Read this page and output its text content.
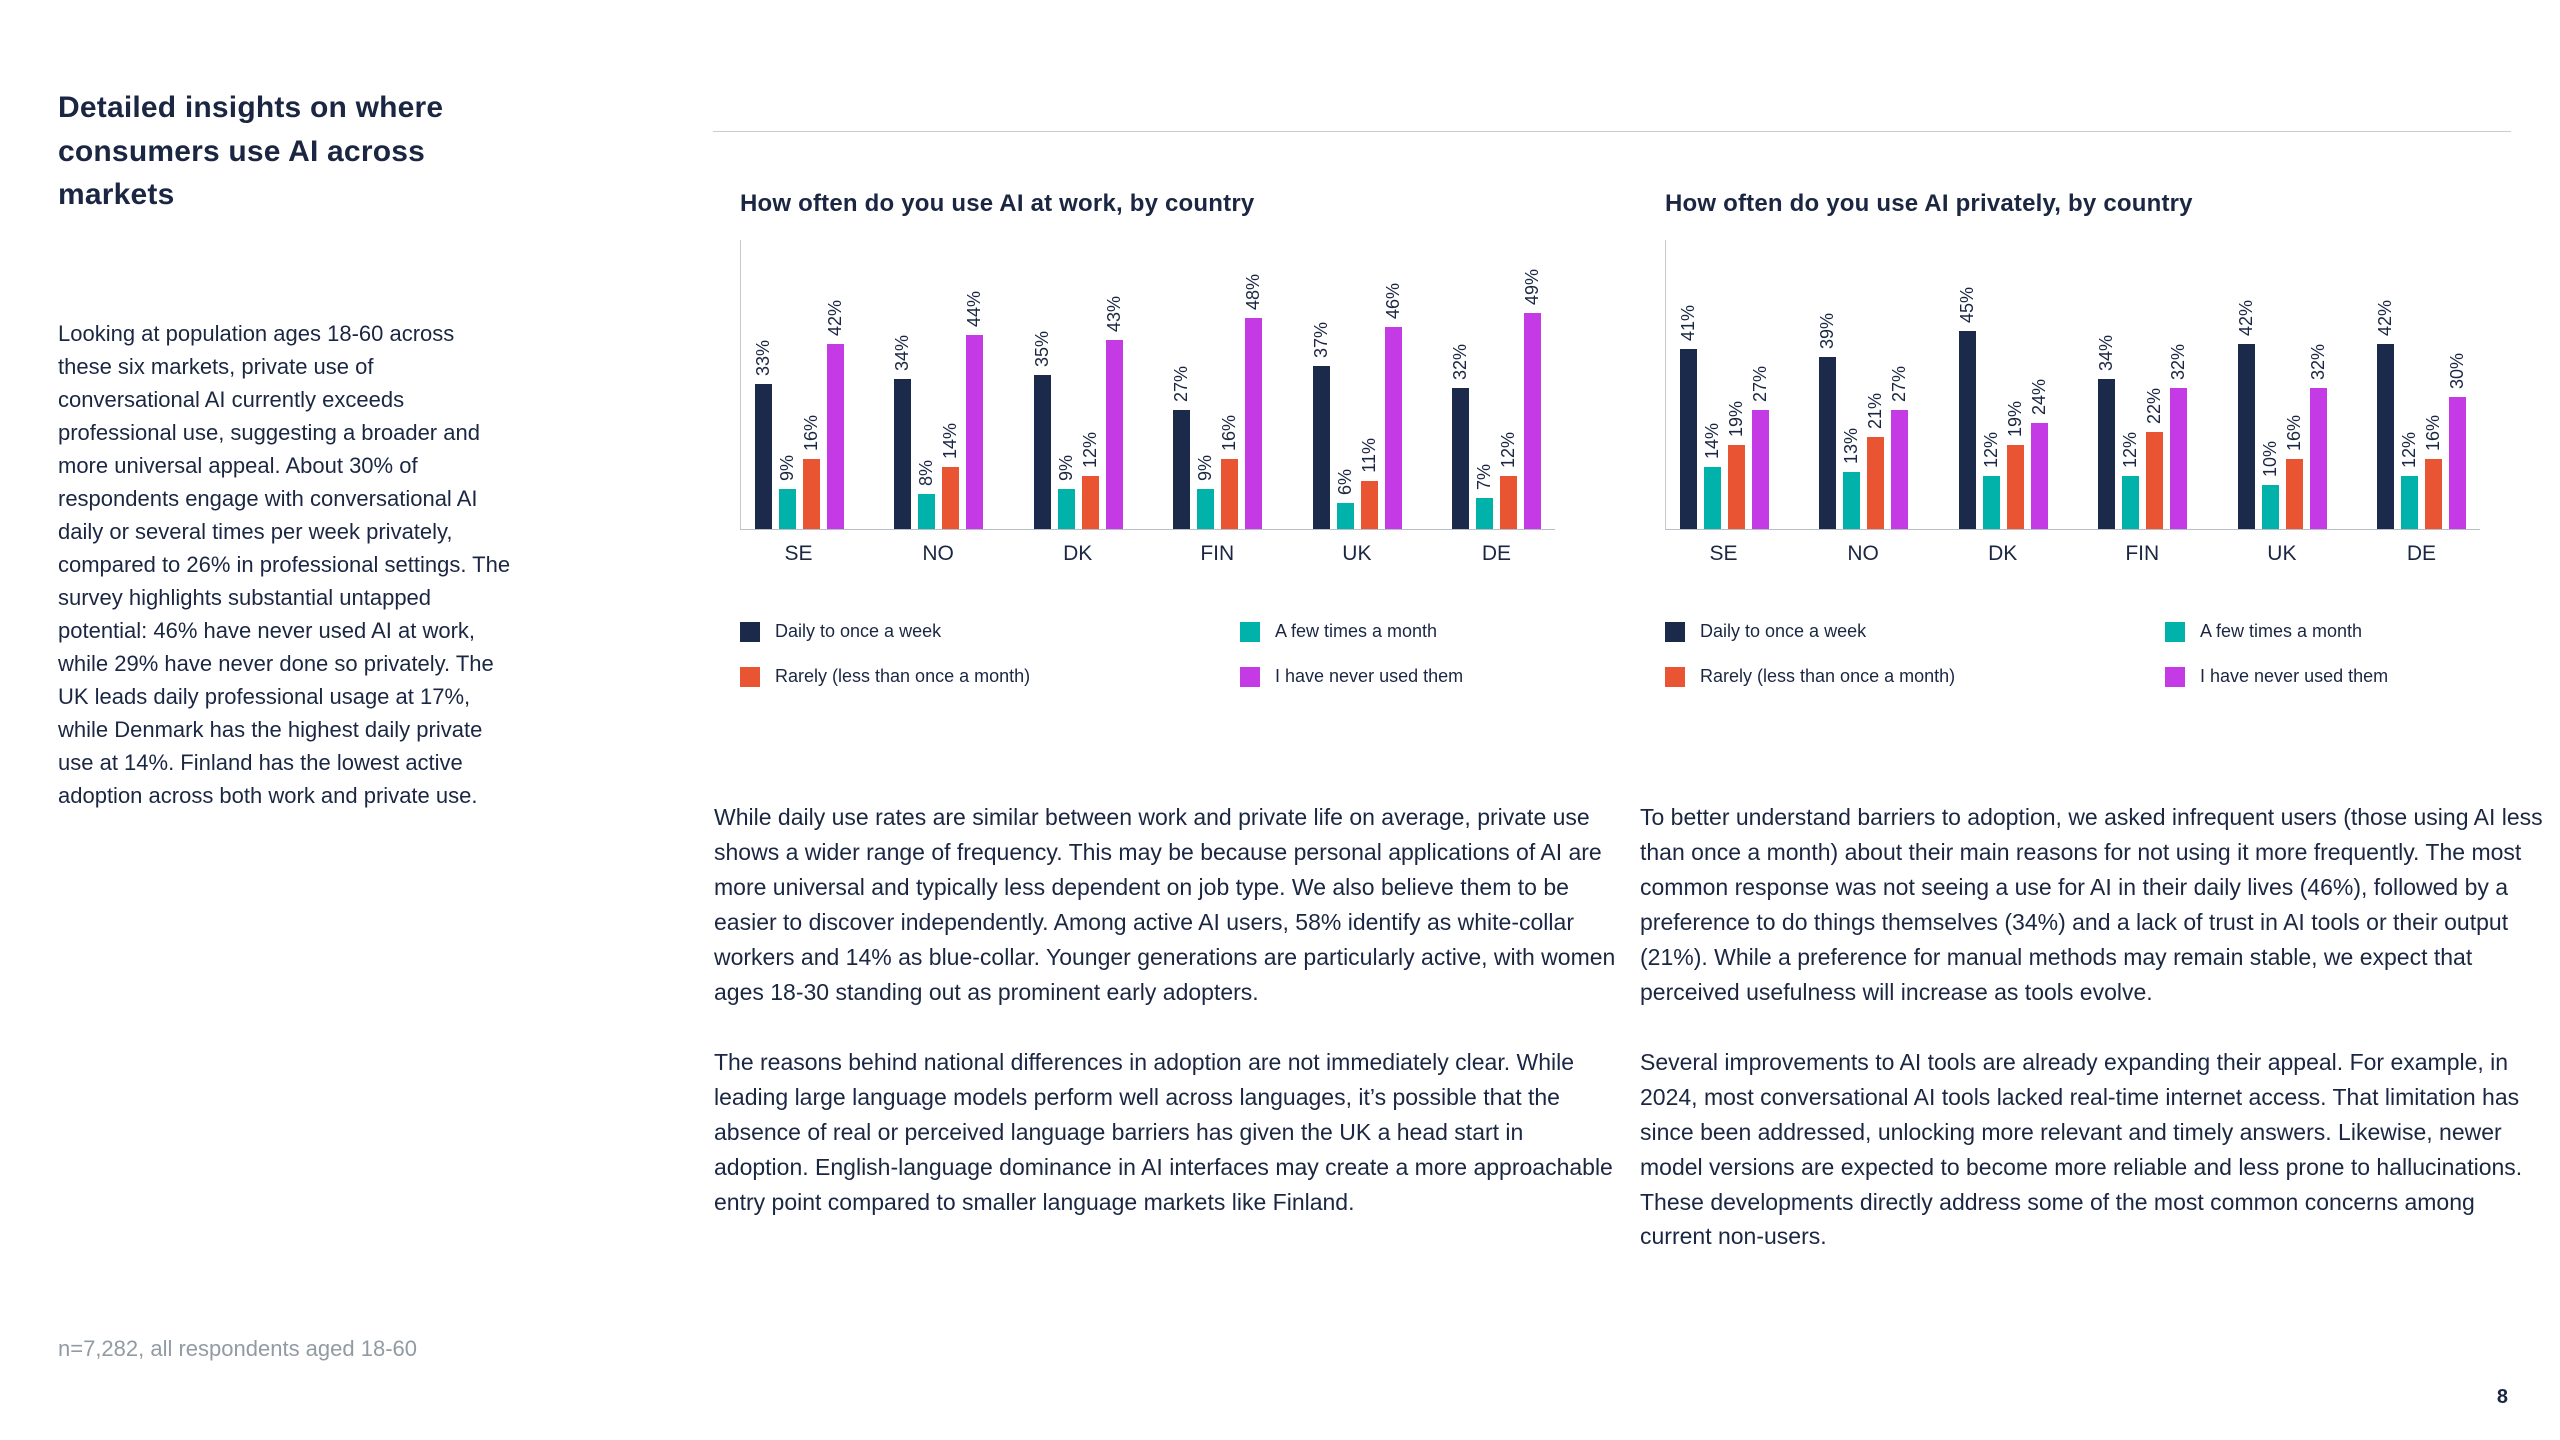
Detailed insights on where consumers use AI across markets
Looking at population ages 18-60 across these six markets, private use of conversational AI currently exceeds professional use, suggesting a broader and more universal appeal. About 30% of respondents engage with conversational AI daily or several times per week privately, compared to 26% in professional settings. The survey highlights substantial untapped potential: 46% have never used AI at work, while 29% have never done so privately. The UK leads daily professional usage at 17%, while Denmark has the highest daily private use at 14%. Finland has the lowest active adoption across both work and private use.
n=7,282, all respondents aged 18-60
How often do you use AI at work, by country
33%
9%
16%
42%
34%
8%
14%
44%
35%
9%
12%
43%
27%
9%
16%
48%
37%
6%
11%
46%
32%
7%
12%
49%
SE	NO	DK	FIN	UK	DE
Daily to once a week	A few times a month
Rarely (less than once a month)	I have never used them
How often do you use AI privately, by country
41%
14%
19%
27%
39%
13%
21%
27%
45%
12%
19%
24%
34%
12%
22%
32%
42%
10%
16%
32%
42%
12% 16%
30%
SE	NO	DK	FIN	UK	DE
Daily to once a week	A few times a month
Rarely (less than once a month)	I have never used them

While daily use rates are similar between work and private life on average, private use shows a wider range of frequency. This may be because personal applications of AI are more universal and typically less dependent on job type. We also believe them to be easier to discover independently. Among active AI users, 58% identify as white-collar workers and 14% as blue-collar. Younger generations are particularly active, with women ages 18-30 standing out as prominent early adopters.

The reasons behind national differences in adoption are not immediately clear. While leading large language models perform well across languages, it’s possible that the absence of real or perceived language barriers has given the UK a head start in adoption. English-language dominance in AI interfaces may create a more approachable entry point compared to smaller language markets like Finland.

To better understand barriers to adoption, we asked infrequent users (those using AI less than once a month) about their main reasons for not using it more frequently. The most common response was not seeing a use for AI in their daily lives (46%), followed by a preference to do things themselves (34%) and a lack of trust in AI tools or their output (21%). While a preference for manual methods may remain stable, we expect that perceived usefulness will increase as tools evolve.

Several improvements to AI tools are already expanding their appeal. For example, in 2024, most conversational AI tools lacked real-time internet access. That limitation has since been addressed, unlocking more relevant and timely answers. Likewise, newer model versions are expected to become more reliable and less prone to hallucinations. These developments directly address some of the most common concerns among current non-users.

8
